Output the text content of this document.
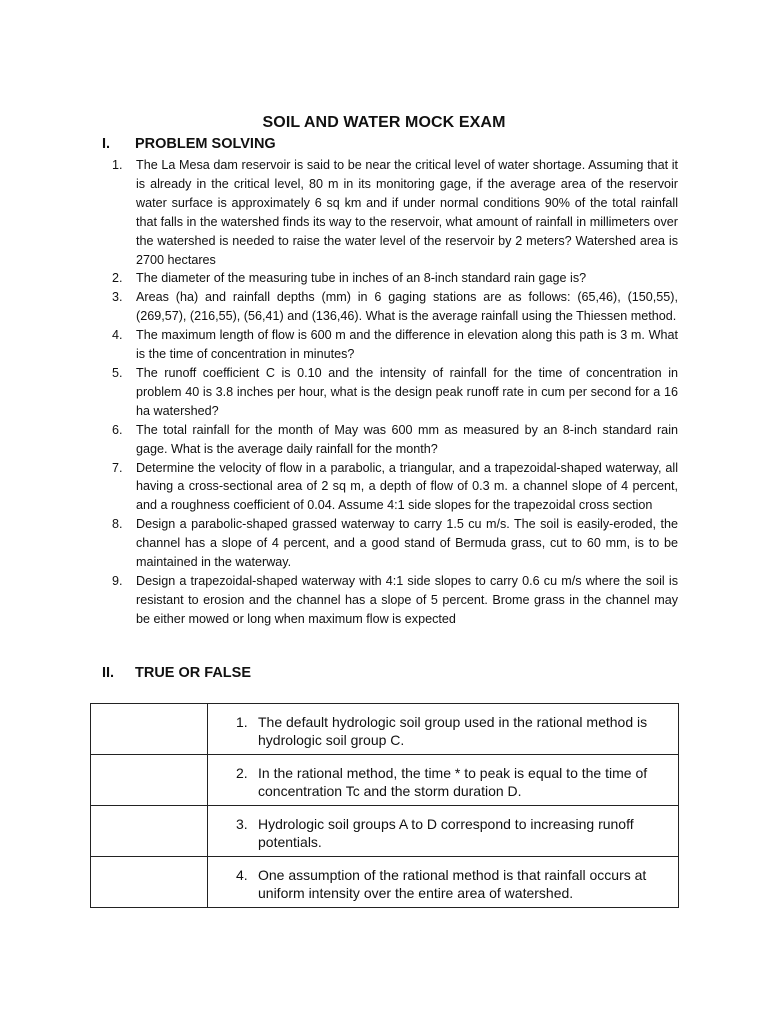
SOIL AND WATER MOCK EXAM
I.	PROBLEM SOLVING
1.	The La Mesa dam reservoir is said to be near the critical level of water shortage. Assuming that it is already in the critical level, 80 m in its monitoring gage, if the average area of the reservoir water surface is approximately 6 sq km and if under normal conditions 90% of the total rainfall that falls in the watershed finds its way to the reservoir, what amount of rainfall in millimeters over the watershed is needed to raise the water level of the reservoir by 2 meters? Watershed area is 2700 hectares
2.	The diameter of the measuring tube in inches of an 8-inch standard rain gage is?
3.	Areas (ha) and rainfall depths (mm) in 6 gaging stations are as follows: (65,46), (150,55), (269,57), (216,55), (56,41) and (136,46). What is the average rainfall using the Thiessen method.
4.	The maximum length of flow is 600 m and the difference in elevation along this path is 3 m. What is the time of concentration in minutes?
5.	The runoff coefficient C is 0.10 and the intensity of rainfall for the time of concentration in problem 40 is 3.8 inches per hour, what is the design peak runoff rate in cum per second for a 16 ha watershed?
6.	The total rainfall for the month of May was 600 mm as measured by an 8-inch standard rain gage. What is the average daily rainfall for the month?
7.	Determine the velocity of flow in a parabolic, a triangular, and a trapezoidal-shaped waterway, all having a cross-sectional area of 2 sq m, a depth of flow of 0.3 m. a channel slope of 4 percent, and a roughness coefficient of 0.04. Assume 4:1 side slopes for the trapezoidal cross section
8.	Design a parabolic-shaped grassed waterway to carry 1.5 cu m/s. The soil is easily-eroded, the channel has a slope of 4 percent, and a good stand of Bermuda grass, cut to 60 mm, is to be maintained in the waterway.
9.	Design a trapezoidal-shaped waterway with 4:1 side slopes to carry 0.6 cu m/s where the soil is resistant to erosion and the channel has a slope of 5 percent. Brome grass in the channel may be either mowed or long when maximum flow is expected
II.	TRUE OR FALSE

	1. The default hydrologic soil group used in the rational method is hydrologic soil group C.

	2. In the rational method, the time * to peak is equal to the time of concentration Tc and the storm duration D.

	3. Hydrologic soil groups A to D correspond to increasing runoff potentials.

	4. One assumption of the rational method is that rainfall occurs at uniform intensity over the entire area of watershed.
